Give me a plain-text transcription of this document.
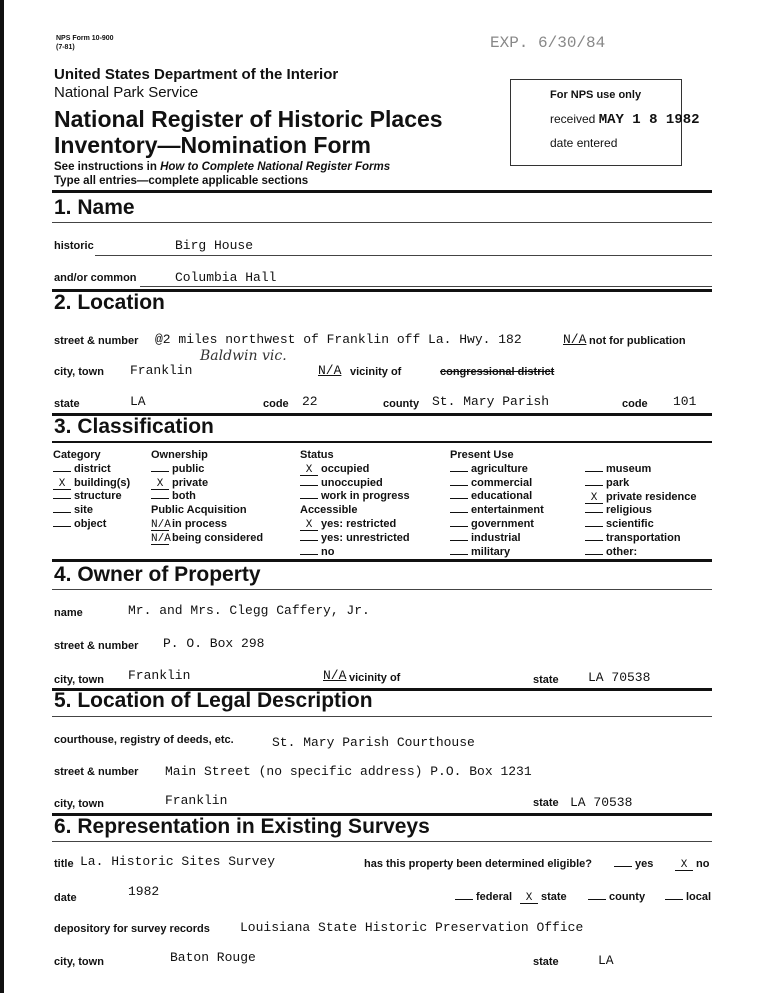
NPS Form 10-900
(7-81)	EXP. 6/30/84
United States Department of the Interior
National Park Service
National Register of Historic Places
Inventory—Nomination Form
See instructions in How to Complete National Register Forms
Type all entries—complete applicable sections
For NPS use only
received MAY 1 8 1982
date entered
1. Name
historic	Birg House
and/or common	Columbia Hall
2. Location
street & number @2 miles northwest of Franklin off La. Hwy. 182	N/A not for publication
city, town Franklin
Baldwin vic.
N/A vicinity of	congressional district
state	LA	code 22	county St. Mary Parish	code 101
3. Classification
Category
district
X building(s)
structure
site
object
Ownership
public
X private
both
Public Acquisition
N/Ain process
N/Abeing considered
Status
X occupied
unoccupied
work in progress
Accessible
X yes: restricted
yes: unrestricted
no
Present Use
agriculture
commercial
educational
entertainment
government
industrial
military
museum
park
X private residence
religious
scientific
transportation
other:
4. Owner of Property
name	Mr. and Mrs. Clegg Caffery, Jr.
street & number P. O. Box 298
city, town Franklin	N/A vicinity of	state LA 70538
5. Location of Legal Description
courthouse, registry of deeds, etc.	St. Mary Parish Courthouse
street & number Main Street (no specific address) P.O. Box 1231
city, town	Franklin	state LA 70538
6. Representation in Existing Surveys
title La. Historic Sites Survey	has this property been determined eligible?	yes	X no
date	1982	federal	X state	county	local
depository for survey records Louisiana State Historic Preservation Office
city, town	Baton Rouge	state	LA
